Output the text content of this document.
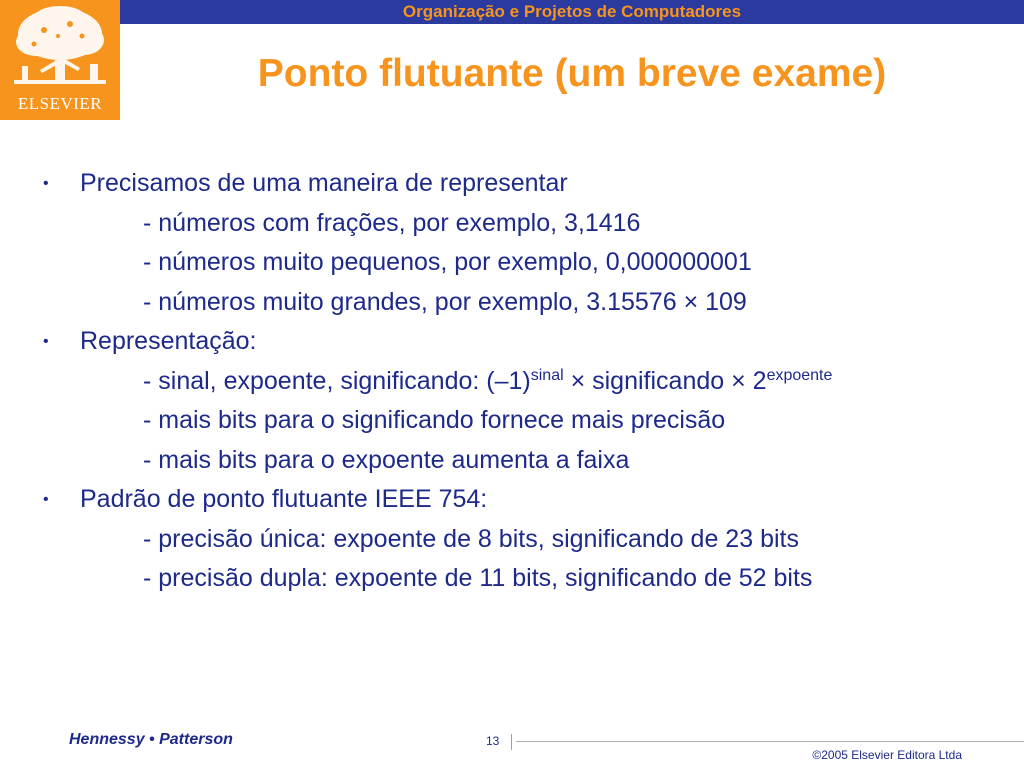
ELSEVIER
Organização e Projetos de Computadores
Ponto flutuante (um breve exame)
• Precisamos de uma maneira de representar
- números com frações, por exemplo, 3,1416
- números muito pequenos, por exemplo, 0,000000001
- números muito grandes, por exemplo, 3.15576 × 109
• Representação:
- sinal, expoente, significando: $(-1)^{sinal}$ × significando × $2^{expoente}$
- mais bits para o significando fornece mais precisão
- mais bits para o expoente aumenta a faixa
• Padrão de ponto flutuante IEEE 754:
- precisão única: expoente de 8 bits, significando de 23 bits
- precisão dupla: expoente de 11 bits, significando de 52 bits
Hennessy • Patterson	13
©2005 Elsevier Editora Ltda
